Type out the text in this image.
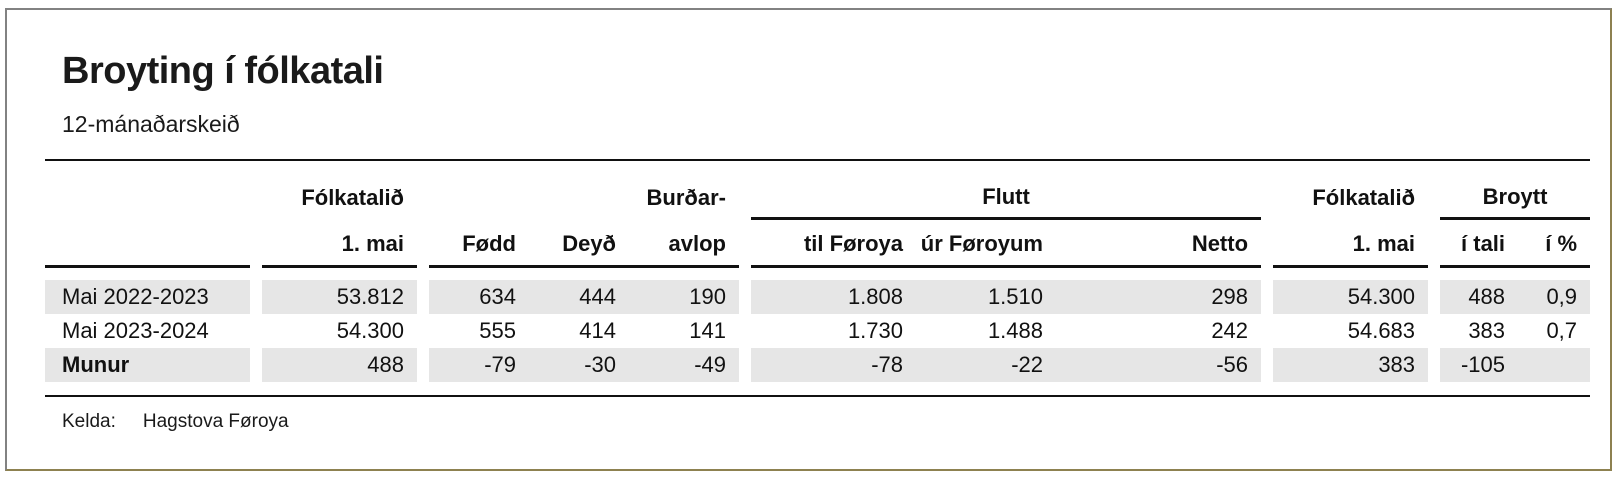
Broyting í fólkatali
12-mánaðarskeið
		Fólkatalið				Burðar-		Flutt				Fólkatalið		Broytt	
		1. mai		Fødd	Deyð	avlop		til Føroya	úr Føroyum	Netto		1. mai		í tali	í %

Mai 2022-2023		53.812		634	444	190		1.808	1.510	298		54.300		488	0,9
Mai 2023-2024		54.300		555	414	141		1.730	1.488	242		54.683		383	0,7
Munur		488		-79	-30	-49		-78	-22	-56		383		-105	

Kelda: Hagstova Føroya
